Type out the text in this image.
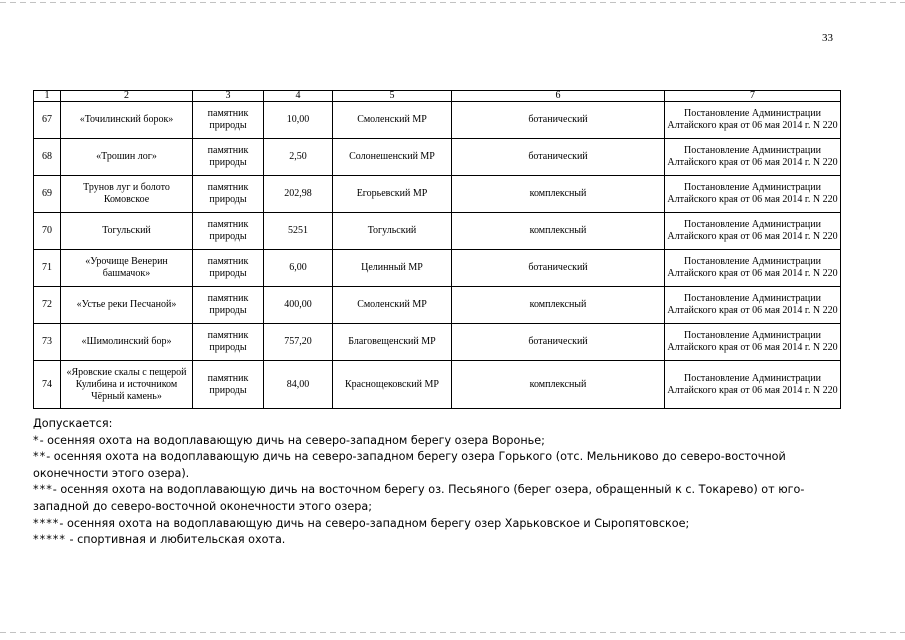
33
1	2	3	4	5	6	7
67	«Точилинский борок»	памятник природы	10,00	Смоленский МР	ботанический	Постановление Администрации Алтайского края от 06 мая 2014 г. N 220
68	«Трошин лог»	памятник природы	2,50	Солонешенский МР	ботанический	Постановление Администрации Алтайского края от 06 мая 2014 г. N 220
69	Трунов луг и болото Комовское	памятник природы	202,98	Егорьевский МР	комплексный	Постановление Администрации Алтайского края от 06 мая 2014 г. N 220
70	Тогульский	памятник природы	5251	Тогульский	комплексный	Постановление Администрации Алтайского края от 06 мая 2014 г. N 220
71	«Урочище Венерин башмачок»	памятник природы	6,00	Целинный МР	ботанический	Постановление Администрации Алтайского края от 06 мая 2014 г. N 220
72	«Устье реки Песчаной»	памятник природы	400,00	Смоленский МР	комплексный	Постановление Администрации Алтайского края от 06 мая 2014 г. N 220
73	«Шимолинский бор»	памятник природы	757,20	Благовещенский МР	ботанический	Постановление Администрации Алтайского края от 06 мая 2014 г. N 220
74	«Яровские скалы с пещерой Кулибина и источником Чёрный камень»	памятник природы	84,00	Краснощековский МР	комплексный	Постановление Администрации Алтайского края от 06 мая 2014 г. N 220

Допускается:

*- осенняя охота на водоплавающую дичь на северо-западном берегу озера Воронье;

**- осенняя охота на водоплавающую дичь на северо-западном берегу озера Горького (отс. Мельниково до северо-восточной оконечности этого озера).

***- осенняя охота на водоплавающую дичь на восточном берегу оз. Песьяного (берег озера, обращенный к с. Токарево) от юго-западной до северо-восточной оконечности этого озера;

****- осенняя охота на водоплавающую дичь на северо-западном берегу озер Харьковское и Сыропятовское;

***** - спортивная и любительская охота.
